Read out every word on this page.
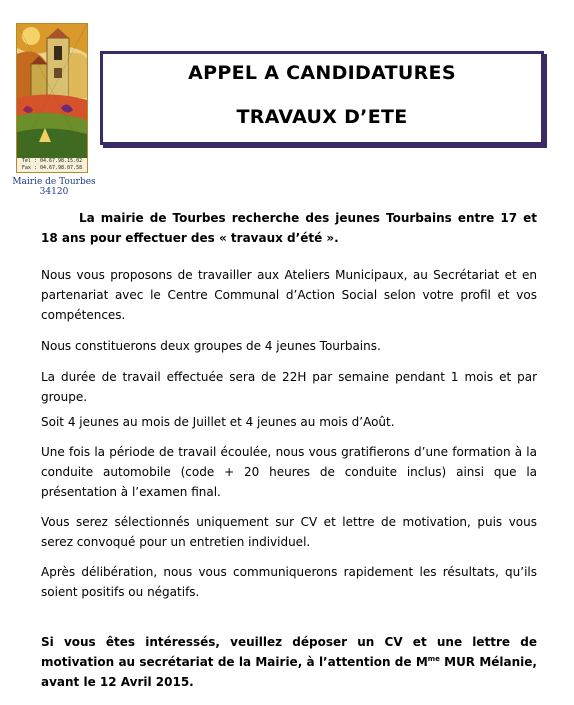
Tél : 04.67.98.15.02
Fax : 04.67.98.07.58
Mairie de Tourbes
34120
APPEL A CANDIDATURES
TRAVAUX D’ETE

La mairie de Tourbes recherche des jeunes Tourbains entre 17 et 18 ans pour effectuer des « travaux d’été ».

Nous vous proposons de travailler aux Ateliers Municipaux, au Secrétariat et en partenariat avec le Centre Communal d’Action Social selon votre profil et vos compétences.

Nous constituerons deux groupes de 4 jeunes Tourbains.

La durée de travail effectuée sera de 22H par semaine pendant 1 mois et par groupe.

Soit 4 jeunes au mois de Juillet et 4 jeunes au mois d’Août.

Une fois la période de travail écoulée, nous vous gratifierons d’une formation à la conduite automobile (code + 20 heures de conduite inclus) ainsi que la présentation à l’examen final.

Vous serez sélectionnés uniquement sur CV et lettre de motivation, puis vous serez convoqué pour un entretien individuel.

Après délibération, nous vous communiquerons rapidement les résultats, qu’ils soient positifs ou négatifs.

Si vous êtes intéressés, veuillez déposer un CV et une lettre de motivation au secrétariat de la Mairie, à l’attention de $M^{me}$ MUR Mélanie, avant le 12 Avril 2015.
